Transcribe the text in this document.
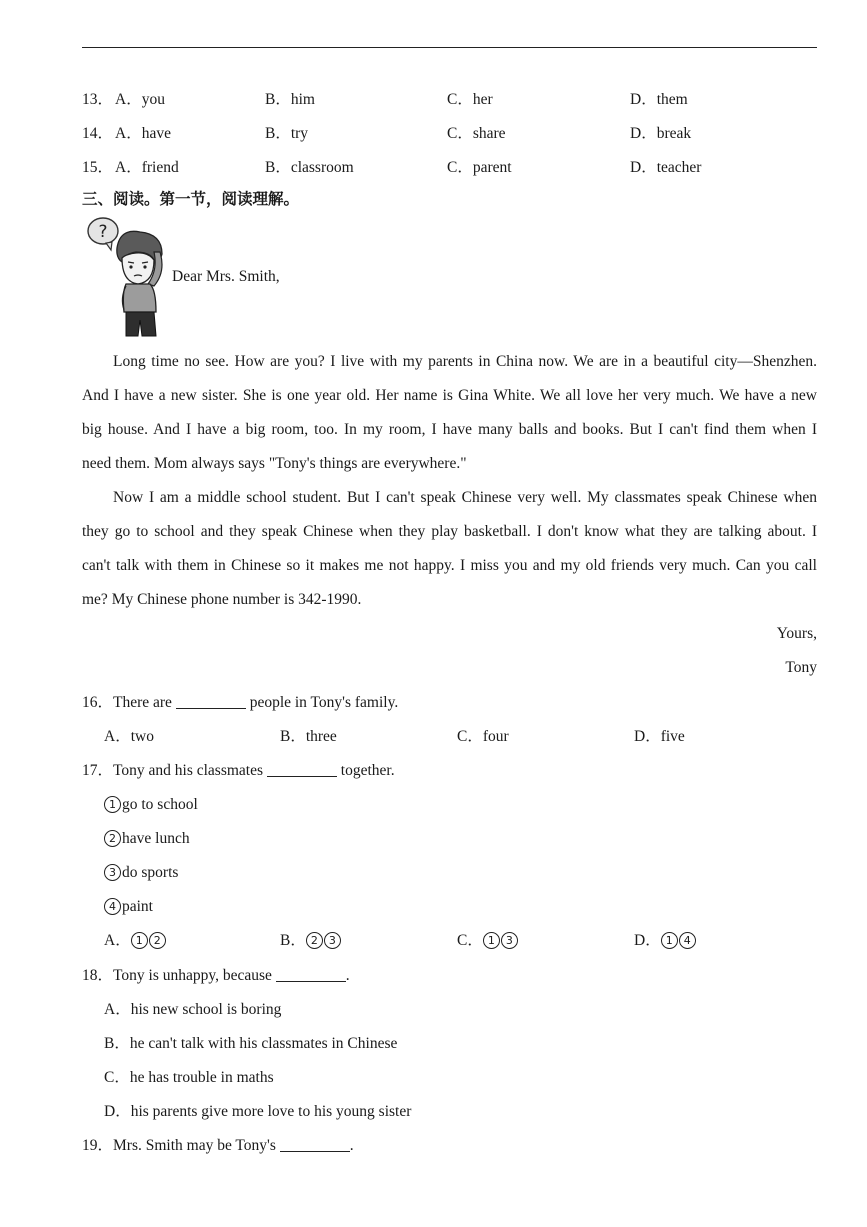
13． A．you	B．him	C．her	D．them
14． A．have	B．try	C．share	D．break
15． A．friend	B．classroom	C．parent	D．teacher
三、阅读。第一节，阅读理解。
?
Dear Mrs. Smith,
Long time no see. How are you? I live with my parents in China now. We are in a beautiful city—Shenzhen.
And I have a new sister. She is one year old. Her name is Gina White. We all love her very much. We have a new
big house. And I have a big room, too. In my room, I have many balls and books. But I can't find them when I
need them. Mom always says "Tony's things are everywhere."
Now I am a middle school student. But I can't speak Chinese very well. My classmates speak Chinese when
they go to school and they speak Chinese when they play basketball. I don't know what they are talking about. I
can't talk with them in Chinese so it makes me not happy. I miss you and my old friends very much. Can you call
me? My Chinese phone number is 342-1990.
Yours,
Tony
16．There are	people in Tony's family.
A．two	B．three	C．four	D．five
17．Tony and his classmates	together.
1 go to school
2 have lunch
3 do sports
4 paint
A． 1 2	B． 2 3	C． 1 3	D． 1 4
18．Tony is unhappy, because	.
A．his new school is boring
B．he can't talk with his classmates in Chinese
C．he has trouble in maths
D．his parents give more love to his young sister
19．Mrs. Smith may be Tony's	.
